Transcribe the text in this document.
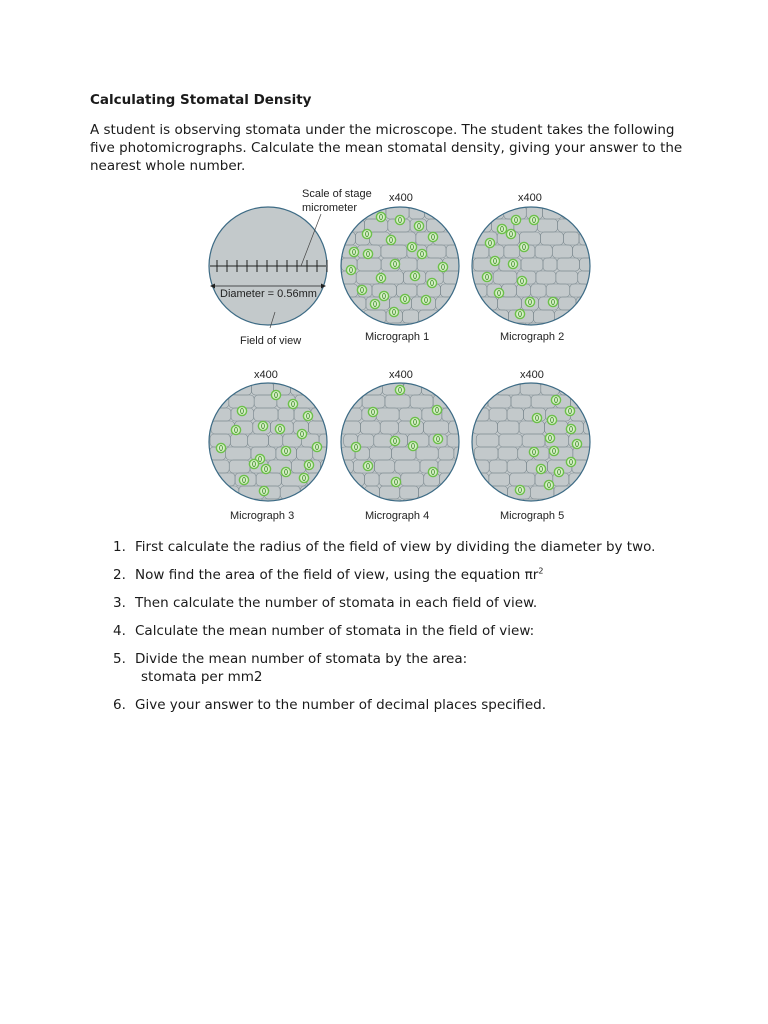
Calculating Stomatal Density

A student is observing stomata under the microscope. The student takes the following five photomicrographs. Calculate the mean stomatal density, giving your answer to the nearest whole number.

Scale of stage
micrometer
Diameter = 0.56mm
Field of view
x400	x400
x400	x400	x400
Micrograph 1	Micrograph 2
Micrograph 3	Micrograph 4	Micrograph 5
1. First calculate the radius of the field of view by dividing the diameter by two.
2. Now find the area of the field of view, using the equation $\pi r^2$
3. Then calculate the number of stomata in each field of view.
4. Calculate the mean number of stomata in the field of view:
5. Divide the mean number of stomata by the area:
stomata per mm2
6. Give your answer to the number of decimal places specified.
